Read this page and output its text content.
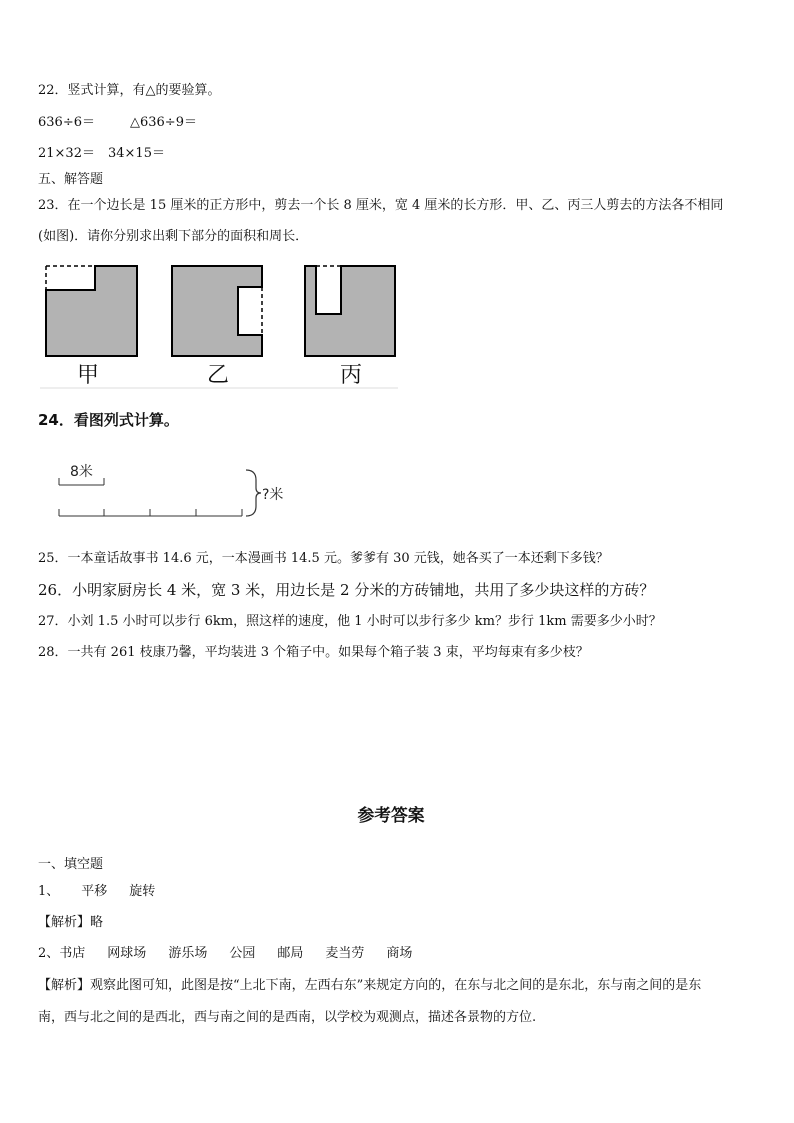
22．竖式计算，有△的要验算。
636÷6＝	△636÷9＝
21×32＝ 34×15＝
五、解答题
23．在一个边长是 15 厘米的正方形中，剪去一个长 8 厘米，宽 4 厘米的长方形．甲、乙、丙三人剪去的方法各不相同
(如图)．请你分别求出剩下部分的面积和周长．
甲	乙	丙
24．看图列式计算。
8米
?米
25．一本童话故事书 14.6 元，一本漫画书 14.5 元。爹爹有 30 元钱，她各买了一本还剩下多钱？
26．小明家厨房长 4 米，宽 3 米，用边长是 2 分米的方砖铺地，共用了多少块这样的方砖？
27．小刘 1.5 小时可以步行 6km，照这样的速度，他 1 小时可以步行多少 km？步行 1km 需要多少小时？
28．一共有 261 枝康乃馨，平均装进 3 个箱子中。如果每个箱子装 3 束，平均每束有多少枝？
参考答案
一、填空题
1、 平移 旋转
【解析】略
2、书店 网球场 游乐场 公园 邮局 麦当劳 商场
【解析】观察此图可知，此图是按“上北下南，左西右东”来规定方向的，在东与北之间的是东北，东与南之间的是东
南，西与北之间的是西北，西与南之间的是西南，以学校为观测点，描述各景物的方位.
